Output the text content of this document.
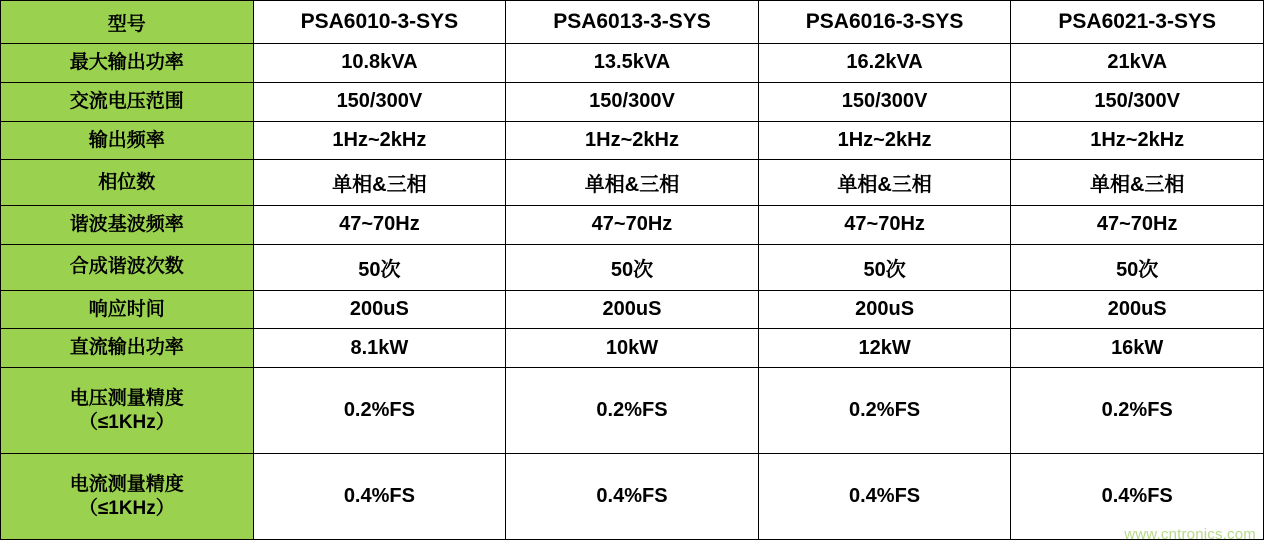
型号	PSA6010-3-SYS	PSA6013-3-SYS	PSA6016-3-SYS	PSA6021-3-SYS

最大输出功率	10.8kVA	13.5kVA	16.2kVA	21kVA

交流电压范围	150/300V	150/300V	150/300V	150/300V

输出频率	1Hz~2kHz	1Hz~2kHz	1Hz~2kHz	1Hz~2kHz

相位数	单相&三相	单相&三相	单相&三相	单相&三相

谐波基波频率	47~70Hz	47~70Hz	47~70Hz	47~70Hz

合成谐波次数	50次	50次	50次	50次

响应时间	200uS	200uS	200uS	200uS

直流输出功率	8.1kW	10kW	12kW	16kW

电压测量精度
（≤1KHz）	0.2%FS	0.2%FS	0.2%FS	0.2%FS

电流测量精度
（≤1KHz）	0.4%FS	0.4%FS	0.4%FS	0.4%FS
www.cntronics.com
